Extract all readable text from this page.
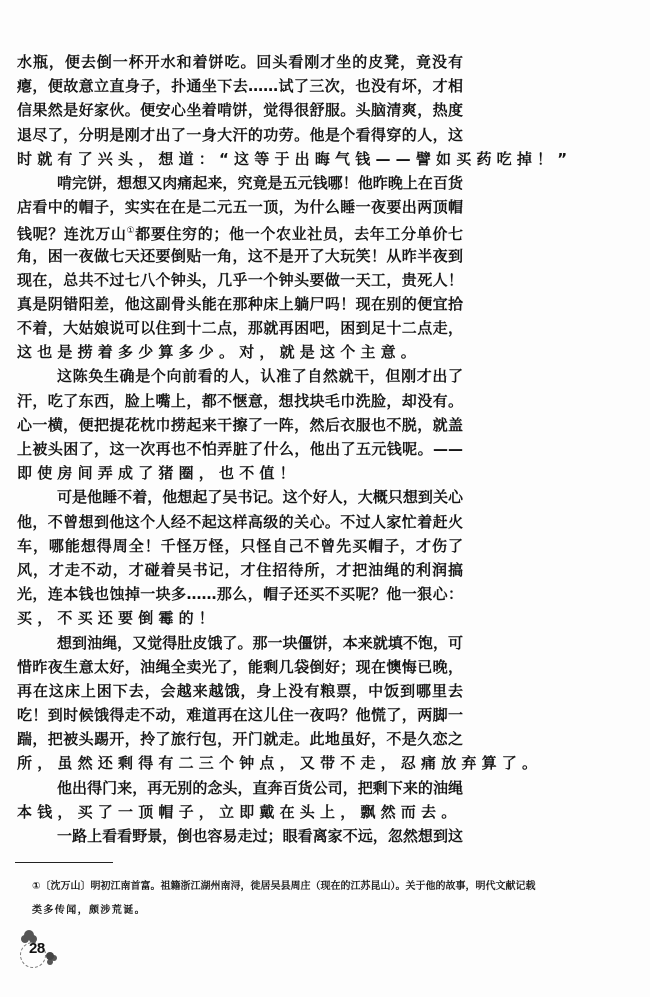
水瓶，便去倒一杯开水和着饼吃。回头看刚才坐的皮凳，竟没有
瘪，便故意立直身子，扑通坐下去……试了三次，也没有坏，才相
信果然是好家伙。便安心坐着啃饼，觉得很舒服。头脑清爽，热度
退尽了，分明是刚才出了一身大汗的功劳。他是个看得穿的人，这
时就有了兴头，想道：“这等于出晦气钱——譬如买药吃掉！”
啃完饼，想想又肉痛起来，究竟是五元钱哪！他昨晚上在百货
店看中的帽子，实实在在是二元五一顶，为什么睡一夜要出两顶帽
钱呢？连沈万山①都要住穷的；他一个农业社员，去年工分单价七
角，困一夜做七天还要倒贴一角，这不是开了大玩笑！从昨半夜到
现在，总共不过七八个钟头，几乎一个钟头要做一天工，贵死人！
真是阴错阳差，他这副骨头能在那种床上躺尸吗！现在别的便宜拾
不着，大姑娘说可以住到十二点，那就再困吧，困到足十二点走，
这也是捞着多少算多少。对，就是这个主意。
这陈奂生确是个向前看的人，认准了自然就干，但刚才出了
汗，吃了东西，脸上嘴上，都不惬意，想找块毛巾洗脸，却没有。
心一横，便把提花枕巾捞起来干擦了一阵，然后衣服也不脱，就盖
上被头困了，这一次再也不怕弄脏了什么，他出了五元钱呢。——
即使房间弄成了猪圈，也不值！
可是他睡不着，他想起了吴书记。这个好人，大概只想到关心
他，不曾想到他这个人经不起这样高级的关心。不过人家忙着赶火
车，哪能想得周全！千怪万怪，只怪自己不曾先买帽子，才伤了
风，才走不动，才碰着吴书记，才住招待所，才把油绳的利润搞
光，连本钱也蚀掉一块多……那么，帽子还买不买呢？他一狠心：
买，不买还要倒霉的！
想到油绳，又觉得肚皮饿了。那一块僵饼，本来就填不饱，可
惜昨夜生意太好，油绳全卖光了，能剩几袋倒好；现在懊悔已晚，
再在这床上困下去，会越来越饿，身上没有粮票，中饭到哪里去
吃！到时候饿得走不动，难道再在这儿住一夜吗？他慌了，两脚一
踹，把被头踢开，拎了旅行包，开门就走。此地虽好，不是久恋之
所，虽然还剩得有二三个钟点，又带不走，忍痛放弃算了。
他出得门来，再无别的念头，直奔百货公司，把剩下来的油绳
本钱，买了一顶帽子，立即戴在头上，飘然而去。
一路上看看野景，倒也容易走过；眼看离家不远，忽然想到这
①〔沈万山〕明初江南首富。祖籍浙江湖州南浔，徙居吴县周庄（现在的江苏昆山）。关于他的故事，明代文献记载
类多传闻，颇涉荒诞。
28
